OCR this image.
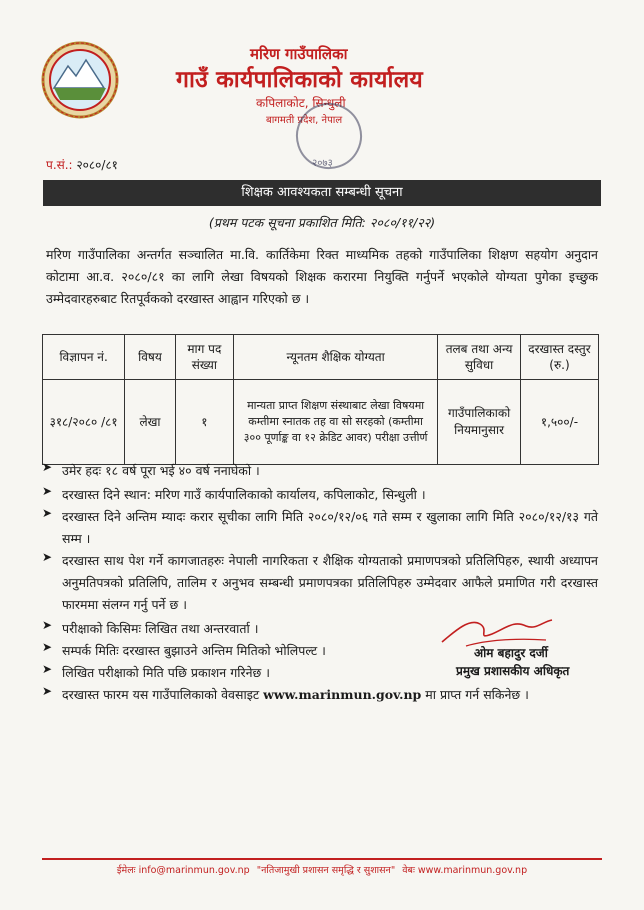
मरिण गाउँपालिका
गाउँ कार्यपालिकाको कार्यालय
कपिलाकोट, सिन्धुली
बागमती प्रदेश, नेपाल
२०७३
प.सं.: २०८०/८१
शिक्षक आवश्यकता सम्बन्धी सूचना
(प्रथम पटक सूचना प्रकाशित मिति: २०८०/११/२२)
मरिण गाउँपालिका अन्तर्गत सञ्चालित मा.वि. कार्तिकेमा रिक्त माध्यमिक तहको गाउँपालिका शिक्षण सहयोग अनुदान कोटामा आ.व. २०८०/८१ का लागि लेखा विषयको शिक्षक करारमा नियुक्ति गर्नुपर्ने भएकोले योग्यता पुगेका इच्छुक उम्मेदवारहरुबाट रितपूर्वकको दरखास्त आह्वान गरिएको छ ।
विज्ञापन नं.	विषय	माग पद संख्या	न्यूनतम शैक्षिक योग्यता	तलब तथा अन्य सुविधा	दरखास्त दस्तुर (रु.)
३१८/२०८० /८१	लेखा	१	मान्यता प्राप्त शिक्षण संस्थाबाट लेखा विषयमा कम्तीमा स्नातक तह वा सो सरहको (कम्तीमा ३०० पूर्णाङ्क वा १२ क्रेडिट आवर) परीक्षा उत्तीर्ण	गाउँपालिकाको नियमानुसार	१,५००/-
➤ उमेर हदः १८ वर्ष पूरा भई ४० वर्ष ननाघेको ।
➤ दरखास्त दिने स्थान: मरिण गाउँ कार्यपालिकाको कार्यालय, कपिलाकोट, सिन्धुली ।
➤ दरखास्त दिने अन्तिम म्यादः करार सूचीका लागि मिति २०८०/१२/०६ गते सम्म र खुलाका लागि मिति २०८०/१२/१३ गते सम्म ।
➤ दरखास्त साथ पेश गर्ने कागजातहरुः नेपाली नागरिकता र शैक्षिक योग्यताको प्रमाणपत्रको प्रतिलिपिहरु, स्थायी अध्यापन अनुमतिपत्रको प्रतिलिपि, तालिम र अनुभव सम्बन्धी प्रमाणपत्रका प्रतिलिपिहरु उम्मेदवार आफैले प्रमाणित गरी दरखास्त फारममा संलग्न गर्नु पर्ने छ ।
➤ परीक्षाको किसिमः लिखित तथा अन्तरवार्ता ।
➤ सम्पर्क मितिः दरखास्त बुझाउने अन्तिम मितिको भोलिपल्ट ।
➤ लिखित परीक्षाको मिति पछि प्रकाशन गरिनेछ ।
➤ दरखास्त फारम यस गाउँपालिकाको वेवसाइट www.marinmun.gov.np मा प्राप्त गर्न सकिनेछ ।
ओम बहादुर दर्जी
प्रमुख प्रशासकीय अधिकृत
ईमेलः info@marinmun.gov.np "नतिजामुखी प्रशासन समृद्धि र सुशासन" वेबः www.marinmun.gov.np
